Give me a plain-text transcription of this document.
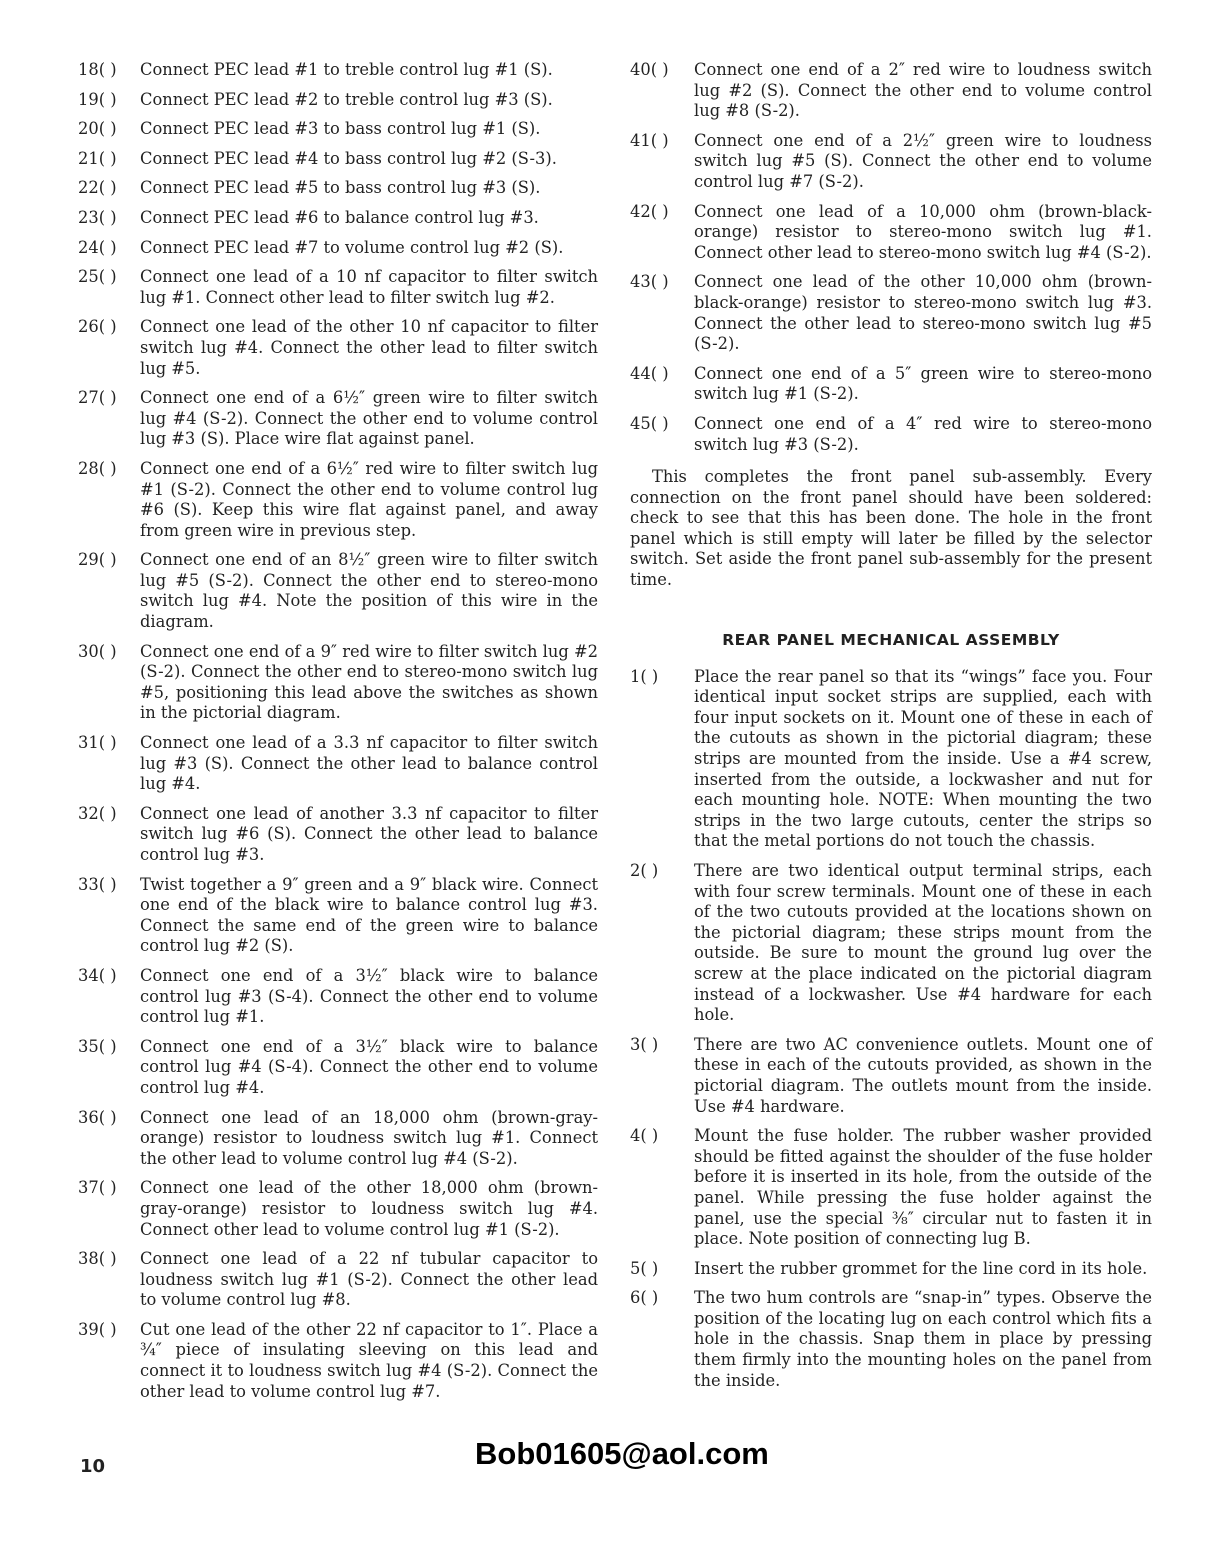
18( )	Connect PEC lead #1 to treble control lug #1 (S).
19( )	Connect PEC lead #2 to treble control lug #3 (S).
20( )	Connect PEC lead #3 to bass control lug #1 (S).
21( )	Connect PEC lead #4 to bass control lug #2 (S-3).
22( )	Connect PEC lead #5 to bass control lug #3 (S).
23( )	Connect PEC lead #6 to balance control lug #3.
24( )	Connect PEC lead #7 to volume control lug #2 (S).
25( )	Connect one lead of a 10 nf capacitor to filter switch lug #1. Connect other lead to filter switch lug #2.
26( )	Connect one lead of the other 10 nf capacitor to filter switch lug #4. Connect the other lead to filter switch lug #5.
27( )	Connect one end of a 6½″ green wire to filter switch lug #4 (S-2). Connect the other end to volume control lug #3 (S). Place wire flat against panel.
28( )	Connect one end of a 6½″ red wire to filter switch lug #1 (S-2). Connect the other end to volume control lug #6 (S). Keep this wire flat against panel, and away from green wire in previous step.
29( )	Connect one end of an 8½″ green wire to filter switch lug #5 (S-2). Connect the other end to stereo-mono switch lug #4. Note the position of this wire in the diagram.
30( )	Connect one end of a 9″ red wire to filter switch lug #2 (S-2). Connect the other end to stereo-mono switch lug #5, positioning this lead above the switches as shown in the pictorial diagram.
31( )	Connect one lead of a 3.3 nf capacitor to filter switch lug #3 (S). Connect the other lead to balance control lug #4.
32( )	Connect one lead of another 3.3 nf capacitor to filter switch lug #6 (S). Connect the other lead to balance control lug #3.
33( )	Twist together a 9″ green and a 9″ black wire. Connect one end of the black wire to balance control lug #3. Connect the same end of the green wire to balance control lug #2 (S).
34( )	Connect one end of a 3½″ black wire to balance control lug #3 (S-4). Connect the other end to volume control lug #1.
35( )	Connect one end of a 3½″ black wire to balance control lug #4 (S-4). Connect the other end to volume control lug #4.
36( )	Connect one lead of an 18,000 ohm (brown-gray-orange) resistor to loudness switch lug #1. Connect the other lead to volume control lug #4 (S-2).
37( )	Connect one lead of the other 18,000 ohm (brown-gray-orange) resistor to loudness switch lug #4. Connect other lead to volume control lug #1 (S-2).
38( )	Connect one lead of a 22 nf tubular capacitor to loudness switch lug #1 (S-2). Connect the other lead to volume control lug #8.
39( )	Cut one lead of the other 22 nf capacitor to 1″. Place a ¾″ piece of insulating sleeving on this lead and connect it to loudness switch lug #4 (S-2). Connect the other lead to volume control lug #7.
40( )	Connect one end of a 2″ red wire to loudness switch lug #2 (S). Connect the other end to volume control lug #8 (S-2).
41( )	Connect one end of a 2½″ green wire to loudness switch lug #5 (S). Connect the other end to volume control lug #7 (S-2).
42( )	Connect one lead of a 10,000 ohm (brown-black-orange) resistor to stereo-mono switch lug #1. Connect other lead to stereo-mono switch lug #4 (S-2).
43( )	Connect one lead of the other 10,000 ohm (brown-black-orange) resistor to stereo-mono switch lug #3. Connect the other lead to stereo-mono switch lug #5 (S-2).
44( )	Connect one end of a 5″ green wire to stereo-mono switch lug #1 (S-2).
45( )	Connect one end of a 4″ red wire to stereo-mono switch lug #3 (S-2).

This completes the front panel sub-assembly. Every connection on the front panel should have been soldered: check to see that this has been done. The hole in the front panel which is still empty will later be filled by the selector switch. Set aside the front panel sub-assembly for the present time.

REAR PANEL MECHANICAL ASSEMBLY
1( )	Place the rear panel so that its “wings” face you. Four identical input socket strips are supplied, each with four input sockets on it. Mount one of these in each of the cutouts as shown in the pictorial diagram; these strips are mounted from the inside. Use a #4 screw, inserted from the outside, a lockwasher and nut for each mounting hole. NOTE: When mounting the two strips in the two large cutouts, center the strips so that the metal portions do not touch the chassis.
2( )	There are two identical output terminal strips, each with four screw terminals. Mount one of these in each of the two cutouts provided at the locations shown on the pictorial diagram; these strips mount from the outside. Be sure to mount the ground lug over the screw at the place indicated on the pictorial diagram instead of a lockwasher. Use #4 hardware for each hole.
3( )	There are two AC convenience outlets. Mount one of these in each of the cutouts provided, as shown in the pictorial diagram. The outlets mount from the inside. Use #4 hardware.
4( )	Mount the fuse holder. The rubber washer provided should be fitted against the shoulder of the fuse holder before it is inserted in its hole, from the outside of the panel. While pressing the fuse holder against the panel, use the special ⅜″ circular nut to fasten it in place. Note position of connecting lug B.
5( )	Insert the rubber grommet for the line cord in its hole.
6( )	The two hum controls are “snap-in” types. Observe the position of the locating lug on each control which fits a hole in the chassis. Snap them in place by pressing them firmly into the mounting holes on the panel from the inside.
10	Bob01605@aol.com
